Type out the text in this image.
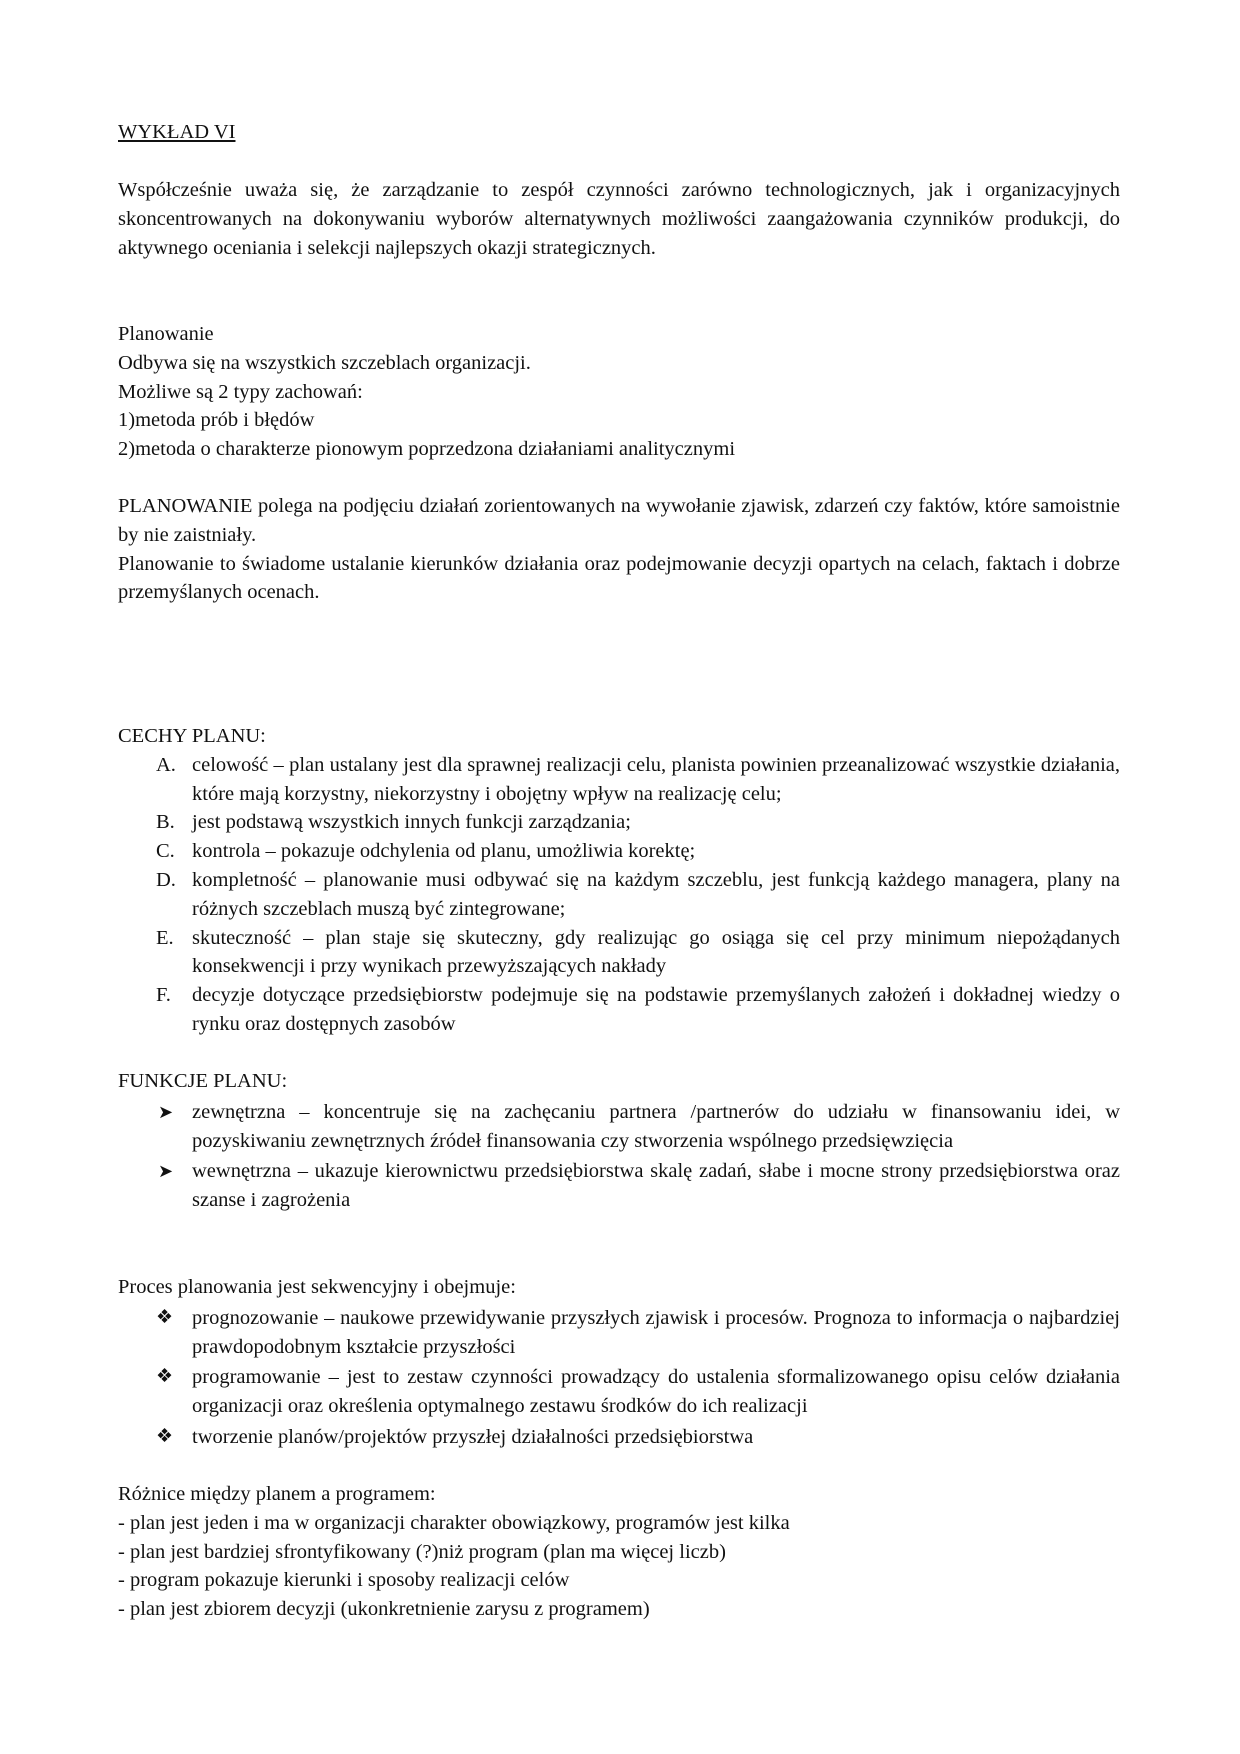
WYKŁAD VI

Współcześnie uważa się, że zarządzanie to zespół czynności zarówno technologicznych, jak i organizacyjnych skoncentrowanych na dokonywaniu wyborów alternatywnych możliwości zaangażowania czynników produkcji, do aktywnego oceniania i selekcji najlepszych okazji strategicznych.

Planowanie

Odbywa się na wszystkich szczeblach organizacji.

Możliwe są 2 typy zachowań:

1)metoda prób i błędów

2)metoda o charakterze pionowym poprzedzona działaniami analitycznymi

PLANOWANIE polega na podjęciu działań zorientowanych na wywołanie zjawisk, zdarzeń czy faktów, które samoistnie by nie zaistniały.

Planowanie to świadome ustalanie kierunków działania oraz podejmowanie decyzji opartych na celach, faktach i dobrze przemyślanych ocenach.

CECHY PLANU:

A. celowość – plan ustalany jest dla sprawnej realizacji celu, planista powinien przeanalizować wszystkie działania, które mają korzystny, niekorzystny i obojętny wpływ na realizację celu;
B. jest podstawą wszystkich innych funkcji zarządzania;
C. kontrola – pokazuje odchylenia od planu, umożliwia korektę;
D. kompletność – planowanie musi odbywać się na każdym szczeblu, jest funkcją każdego managera, plany na różnych szczeblach muszą być zintegrowane;
E. skuteczność – plan staje się skuteczny, gdy realizując go osiąga się cel przy minimum niepożądanych konsekwencji i przy wynikach przewyższających nakłady
F. decyzje dotyczące przedsiębiorstw podejmuje się na podstawie przemyślanych założeń i dokładnej wiedzy o rynku oraz dostępnych zasobów

FUNKCJE PLANU:

➤ zewnętrzna – koncentruje się na zachęcaniu partnera /partnerów do udziału w finansowaniu idei, w pozyskiwaniu zewnętrznych źródeł finansowania czy stworzenia wspólnego przedsięwzięcia
➤ wewnętrzna – ukazuje kierownictwu przedsiębiorstwa skalę zadań, słabe i mocne strony przedsiębiorstwa oraz szanse i zagrożenia

Proces planowania jest sekwencyjny i obejmuje:

❖ prognozowanie – naukowe przewidywanie przyszłych zjawisk i procesów. Prognoza to informacja o najbardziej prawdopodobnym kształcie przyszłości
❖ programowanie – jest to zestaw czynności prowadzący do ustalenia sformalizowanego opisu celów działania organizacji oraz określenia optymalnego zestawu środków do ich realizacji
❖ tworzenie planów/projektów przyszłej działalności przedsiębiorstwa

Różnice między planem a programem:

- plan jest jeden i ma w organizacji charakter obowiązkowy, programów jest kilka

- plan jest bardziej sfrontyfikowany (?)niż program (plan ma więcej liczb)

- program pokazuje kierunki i sposoby realizacji celów

- plan jest zbiorem decyzji (ukonkretnienie zarysu z programem)
